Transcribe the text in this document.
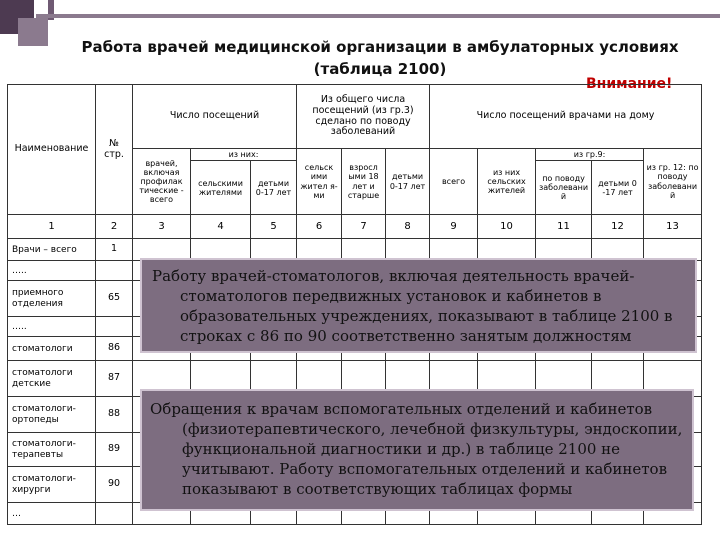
Работа врачей медицинской организации в амбулаторных условиях
(таблица 2100)
Внимание!
Наименование	№ стр.	Число посещений			Из общего числа посещений (из гр.3) сделано по поводу заболеваний			Число посещений врачами на дому				
		врачей, включая профилак тические - всего	из них:		сельск ими жител я-ми	взросл ыми 18 лет и старше	детьми 0-17 лет	всего	из них сельских жителей	из гр.9:		из гр. 12: по поводу заболевани й
			сельскими жителями	детьми 0-17 лет						по поводу заболевани й	детьми 0 -17 лет	
1	2	3	4	5	6	7	8	9	10	11	12	13
Врачи – всего	1											
…..												
приемного отделения	65											
…..												
стоматологи	86											
стоматологи детские	87											
стоматологи-ортопеды	88											
стоматологи-терапевты	89											
стоматологи-хирурги	90											
…												

Работу врачей-стоматологов, включая деятельность врачей-

стоматологов передвижных установок и кабинетов в

образовательных учреждениях, показывают в таблице 2100 в

строках с 86 по 90 соответственно занятым должностям

Обращения к врачам вспомогательных отделений и кабинетов

(физиотерапевтического, лечебной физкультуры, эндоскопии,

функциональной диагностики и др.) в таблице 2100 не

учитывают. Работу вспомогательных отделений и кабинетов

показывают в соответствующих таблицах формы
